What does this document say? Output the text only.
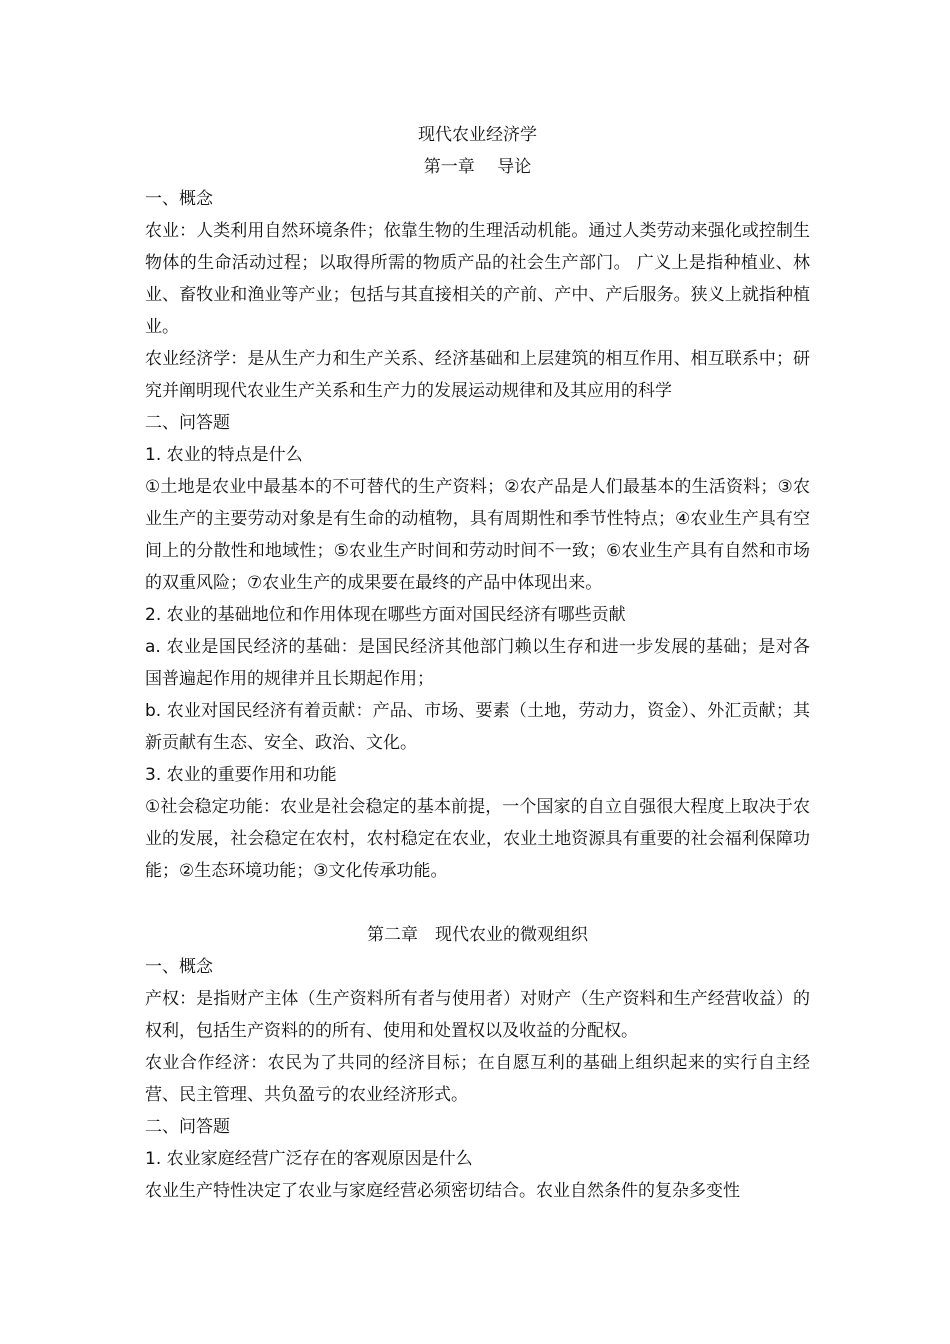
现代农业经济学
第一章　 导论

一、概念

农业：人类利用自然环境条件；依靠生物的生理活动机能。通过人类劳动来强化或控制生物体的生命活动过程；以取得所需的物质产品的社会生产部门。 广义上是指种植业、林业、畜牧业和渔业等产业；包括与其直接相关的产前、产中、产后服务。狭义上就指种植业。

农业经济学：是从生产力和生产关系、经济基础和上层建筑的相互作用、相互联系中；研究并阐明现代农业生产关系和生产力的发展运动规律和及其应用的科学

二、问答题

1. 农业的特点是什么

①土地是农业中最基本的不可替代的生产资料；②农产品是人们最基本的生活资料；③农业生产的主要劳动对象是有生命的动植物，具有周期性和季节性特点；④农业生产具有空间上的分散性和地域性；⑤农业生产时间和劳动时间不一致；⑥农业生产具有自然和市场的双重风险；⑦农业生产的成果要在最终的产品中体现出来。

2. 农业的基础地位和作用体现在哪些方面对国民经济有哪些贡献

a. 农业是国民经济的基础：是国民经济其他部门赖以生存和进一步发展的基础；是对各国普遍起作用的规律并且长期起作用；

b. 农业对国民经济有着贡献：产品、市场、要素（土地，劳动力，资金）、外汇贡献；其新贡献有生态、安全、政治、文化。

3. 农业的重要作用和功能

①社会稳定功能：农业是社会稳定的基本前提，一个国家的自立自强很大程度上取决于农业的发展，社会稳定在农村，农村稳定在农业，农业土地资源具有重要的社会福利保障功能；②生态环境功能；③文化传承功能。

第二章　现代农业的微观组织

一、概念

产权：是指财产主体（生产资料所有者与使用者）对财产（生产资料和生产经营收益）的权利，包括生产资料的的所有、使用和处置权以及收益的分配权。

农业合作经济：农民为了共同的经济目标；在自愿互利的基础上组织起来的实行自主经营、民主管理、共负盈亏的农业经济形式。

二、问答题

1. 农业家庭经营广泛存在的客观原因是什么

农业生产特性决定了农业与家庭经营必须密切结合。农业自然条件的复杂多变性
